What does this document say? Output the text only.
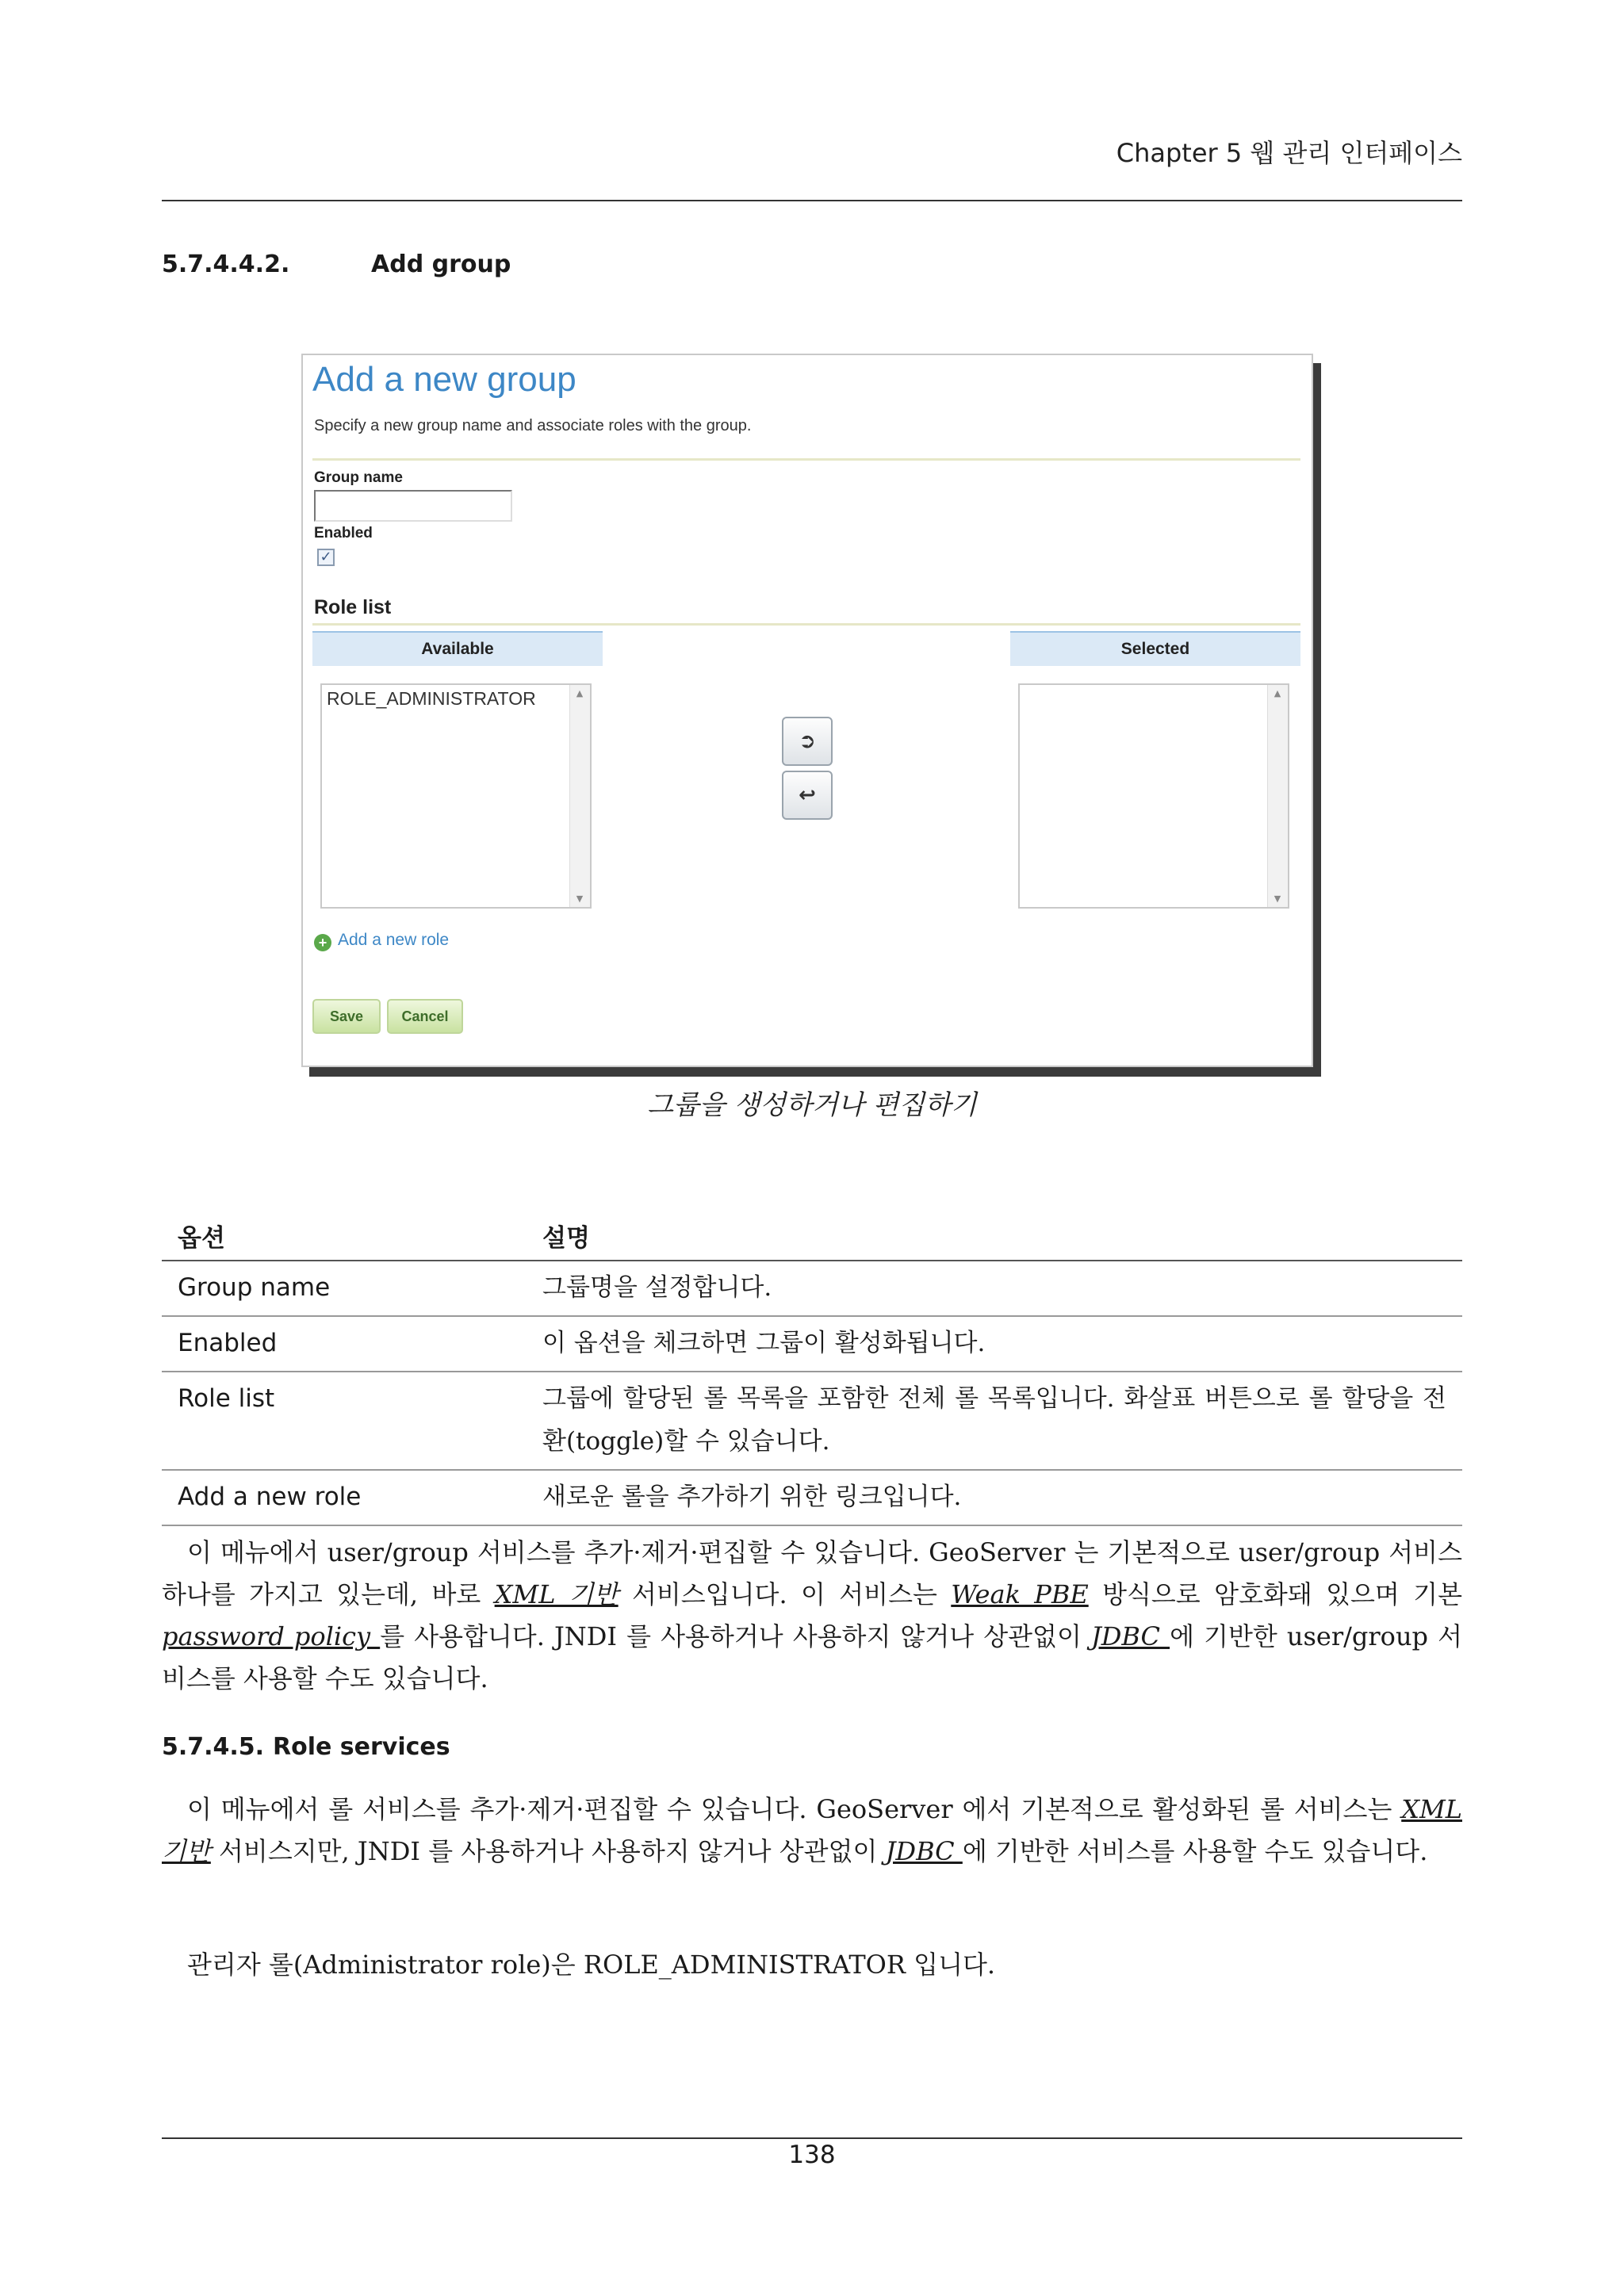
Chapter 5 웹 관리 인터페이스
5.7.4.4.2.	Add group
Add a new group
Specify a new group name and associate roles with the group.
Group name
Enabled
✓
Role list
Available	Selected
ROLE_ADMINISTRATOR	▲
▼
➲
↩
▲
▼
+ Add a new role
Save	Cancel
그룹을 생성하거나 편집하기
옵션	설명
Group name	그룹명을 설정합니다.
Enabled	이 옵션을 체크하면 그룹이 활성화됩니다.
Role list	그룹에 할당된 롤 목록을 포함한 전체 롤 목록입니다. 화살표 버튼으로 롤 할당을 전환(toggle)할 수 있습니다.
Add a new role	새로운 롤을 추가하기 위한 링크입니다.
이 메뉴에서 user/group 서비스를 추가·제거·편집할 수 있습니다. GeoServer 는 기본적으로 user/group 서비스 하나를 가지고 있는데, 바로 XML 기반 서비스입니다. 이 서비스는 Weak PBE 방식으로 암호화돼 있으며 기본 password policy 를 사용합니다. JNDI 를 사용하거나 사용하지 않거나 상관없이 JDBC 에 기반한 user/group 서비스를 사용할 수도 있습니다.
5.7.4.5. Role services
이 메뉴에서 롤 서비스를 추가·제거·편집할 수 있습니다. GeoServer 에서 기본적으로 활성화된 롤 서비스는 XML 기반 서비스지만, JNDI 를 사용하거나 사용하지 않거나 상관없이 JDBC 에 기반한 서비스를 사용할 수도 있습니다.
관리자 롤(Administrator role)은 ROLE_ADMINISTRATOR 입니다.
138
